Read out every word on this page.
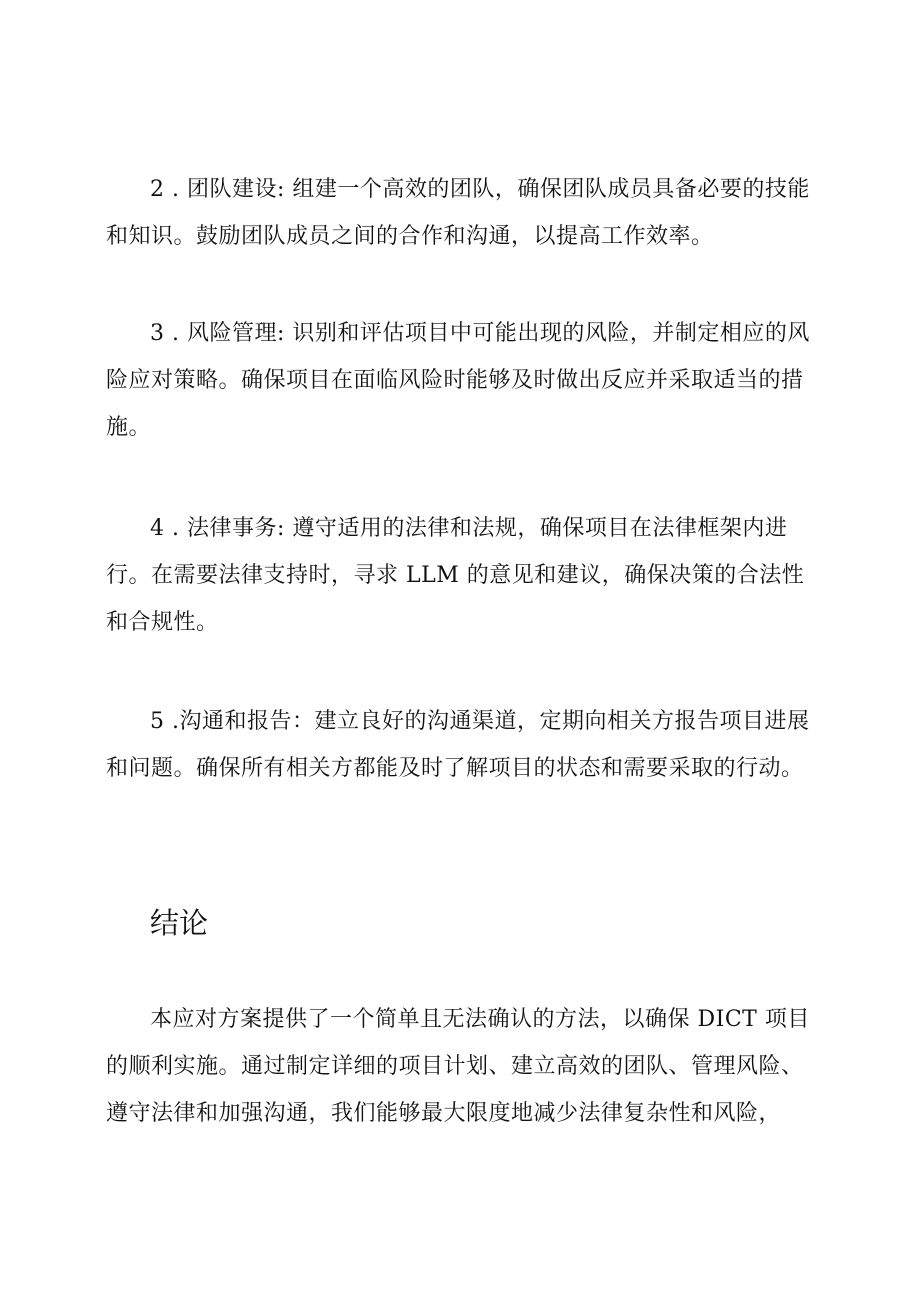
2 . 团队建设: 组建一个高效的团队，确保团队成员具备必要的技能和知识。鼓励团队成员之间的合作和沟通，以提高工作效率。

3 . 风险管理: 识别和评估项目中可能出现的风险，并制定相应的风险应对策略。确保项目在面临风险时能够及时做出反应并采取适当的措施。

4 . 法律事务: 遵守适用的法律和法规，确保项目在法律框架内进行。在需要法律支持时，寻求 LLM 的意见和建议，确保决策的合法性和合规性。

5 .沟通和报告：建立良好的沟通渠道，定期向相关方报告项目进展和问题。确保所有相关方都能及时了解项目的状态和需要采取的行动。

结论

本应对方案提供了一个简单且无法确认的方法，以确保 DICT 项目的顺利实施。通过制定详细的项目计划、建立高效的团队、管理风险、遵守法律和加强沟通，我们能够最大限度地减少法律复杂性和风险，
